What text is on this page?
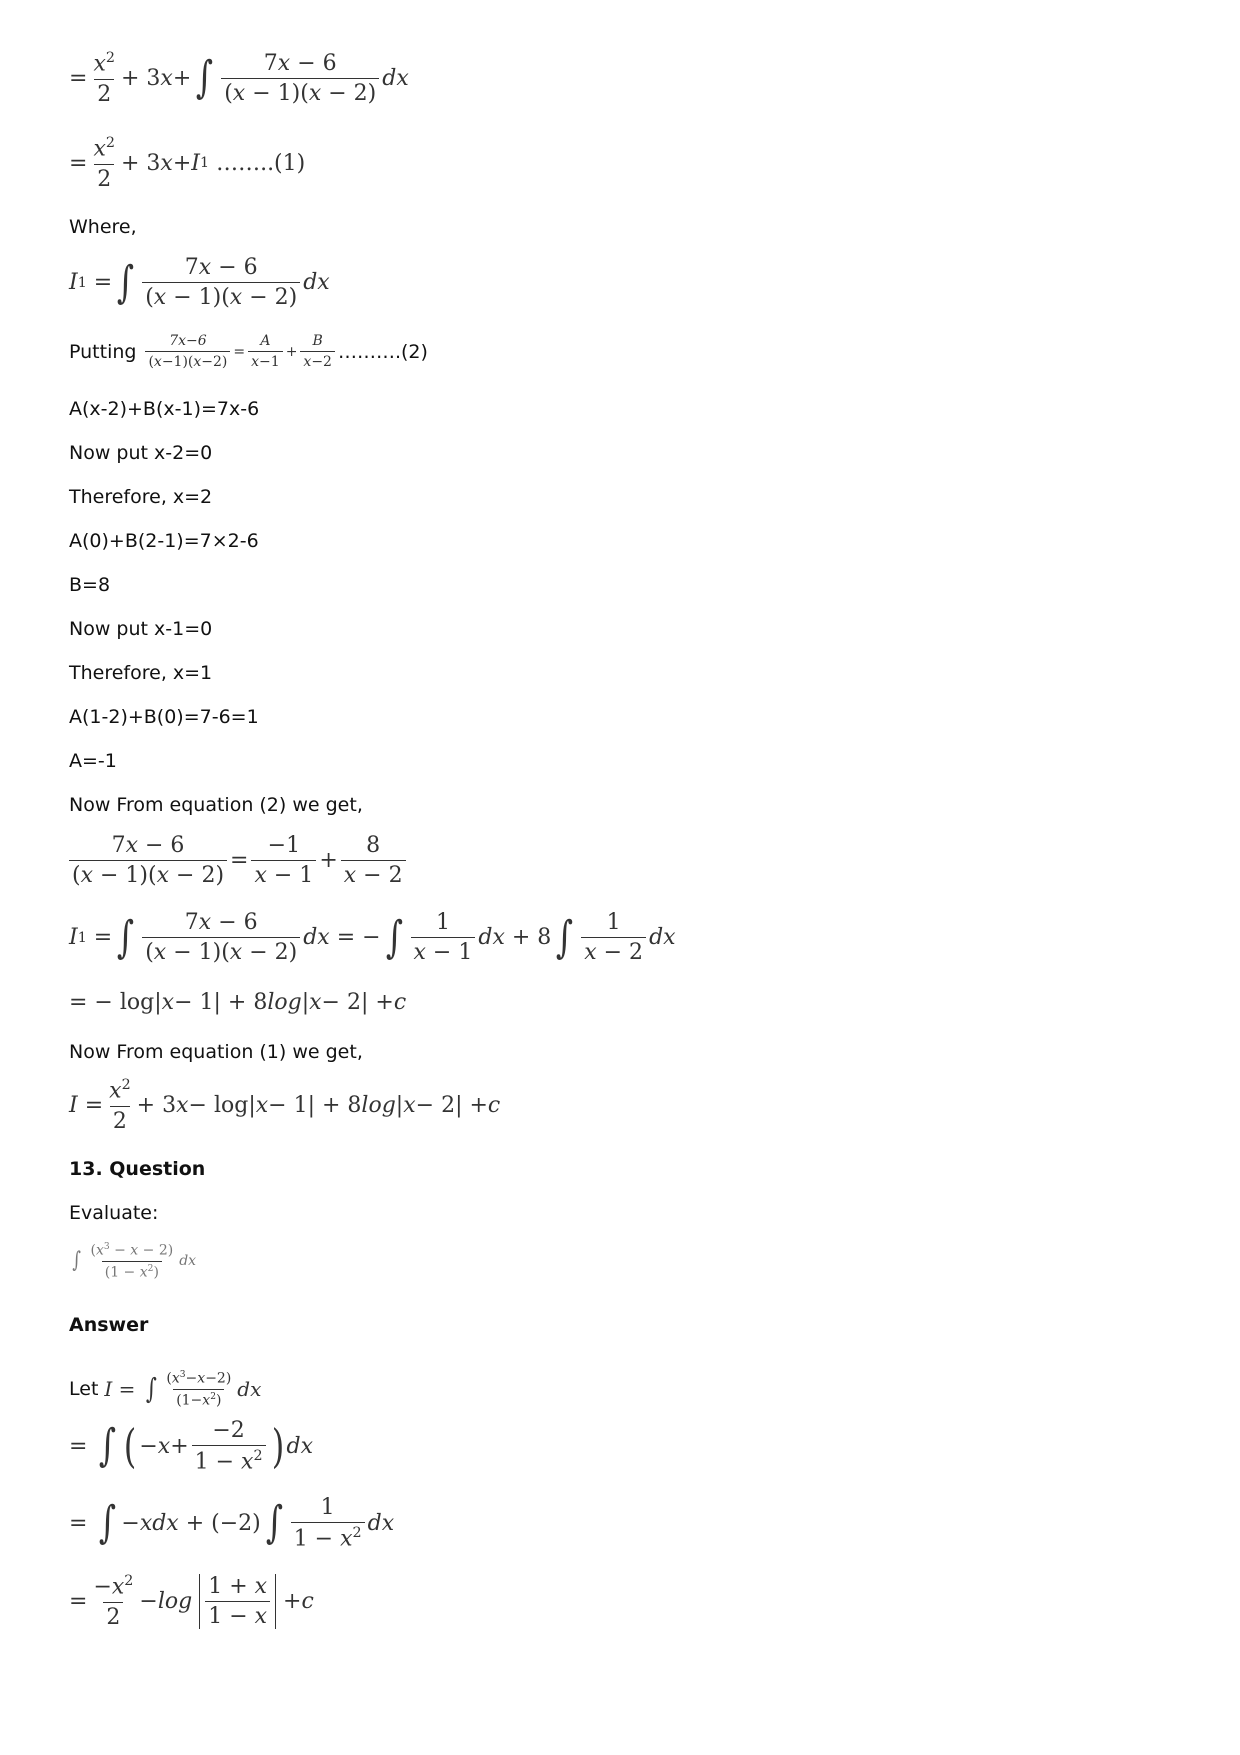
= $\frac{x^2}{2} + 3$ x + ∫ $\frac{7x - 6}{(x - 1)(x - 2)}$ dx
= $\frac{x^2}{2} + 3$ x + I 1 ……..(1)
Where,
I 1 = ∫ $\frac{7x - 6}{(x - 1)(x - 2)}$ dx
Putting $\frac{7x-6}{(x-1)(x-2)} = \frac{A}{x-1} + \frac{B}{x-2}$ ……….(2)
A(x-2)+B(x-1)=7x-6
Now put x-2=0
Therefore, x=2
A(0)+B(2-1)=7×2-6
B=8
Now put x-1=0
Therefore, x=1
A(1-2)+B(0)=7-6=1
A=-1
Now From equation (2) we get,
$\frac{7x - 6}{(x - 1)(x - 2)} = \frac{-1}{x - 1} + \frac{8}{x - 2}$
I 1 = ∫ $\frac{7x - 6}{(x - 1)(x - 2)}$ dx = − ∫ $\frac{1}{x - 1}$ dx + 8 ∫ $\frac{1}{x - 2}$ dx
= − log| x − 1| + 8 log | x − 2| + c
Now From equation (1) we get,
$I = \frac{x^2}{2} + 3$ x − log| x − 1| + 8 log | x − 2| + c
13. Question
Evaluate:
∫ $\frac{(x^3 - x - 2)}{(1 - x^2)}$ dx
Answer
Let I = ∫ $\frac{(x^3-x-2)}{(1-x^2)}$ dx
= ∫ ( − $x + \frac{-2}{1 - x^2}$ ) dx
= ∫ − xdx + (−2) ∫ $\frac{1}{1 - x^2}$ dx
= $\frac{-x^2}{2} - \log$
$\frac{1 + x}{1 - x} + c$
